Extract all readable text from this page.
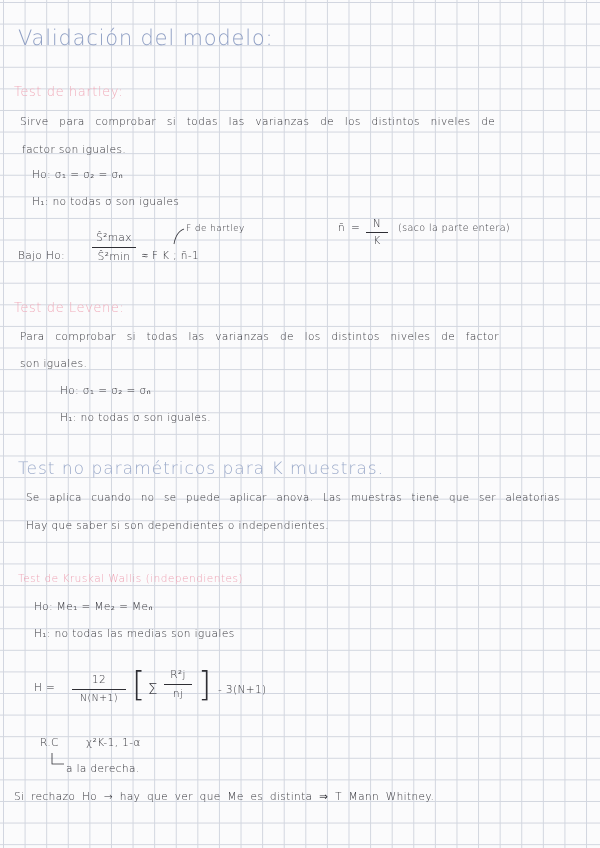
Validación del modelo:
Test de hartley:
Sirve para comprobar si todas las varianzas de los distintos niveles de
factor son iguales.
Ho: σ₁ = σ₂ = σₙ
H₁: no todas σ son iguales
Bajo Ho:
Ŝ²max
Ŝ²min	≈ F K ; n̄-1
F de hartley	n̄ =	N
K
(saco la parte entera)
Test de Levene:
Para comprobar si todas las varianzas de los distintos niveles de factor
son iguales.
Ho: σ₁ = σ₂ = σₙ
H₁: no todas σ son iguales.
Test no paramétricos para K muestras.
Se aplica cuando no se puede aplicar anova. Las muestras tiene que ser aleatorias
Hay que saber si son dependientes o independientes.
Test de Kruskal Wallis (independientes)
Ho: Me₁ = Me₂ = Meₙ
H₁: no todas las medias son iguales
H =
12
N(N+1) [ Σ
R²j
nj ] - 3(N+1)
R.C	χ²K-1, 1-α
a la derecha.
Si rechazo Ho → hay que ver que Me es distinta ⇒ T Mann Whitney.
